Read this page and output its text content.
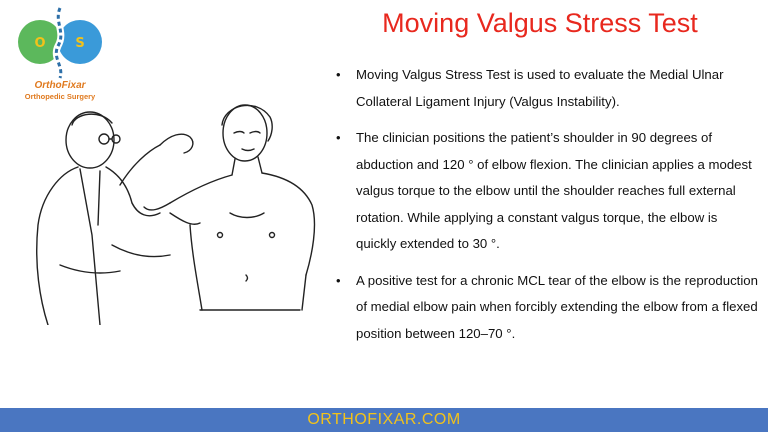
O S
OrthoFixar
Orthopedic Surgery
Moving Valgus Stress Test
• Moving Valgus Stress Test is used to evaluate the Medial Ulnar Collateral Ligament Injury (Valgus Instability).
• The clinician positions the patient’s shoulder in 90 degrees of abduction and 120 ° of elbow flexion. The clinician applies a modest valgus torque to the elbow until the shoulder reaches full external rotation. While applying a constant valgus torque, the elbow is quickly extended to 30 °.
• A positive test for a chronic MCL tear of the elbow is the reproduction of medial elbow pain when forcibly extending the elbow from a flexed position between 120–70 °.
ORTHOFIXAR.COM
